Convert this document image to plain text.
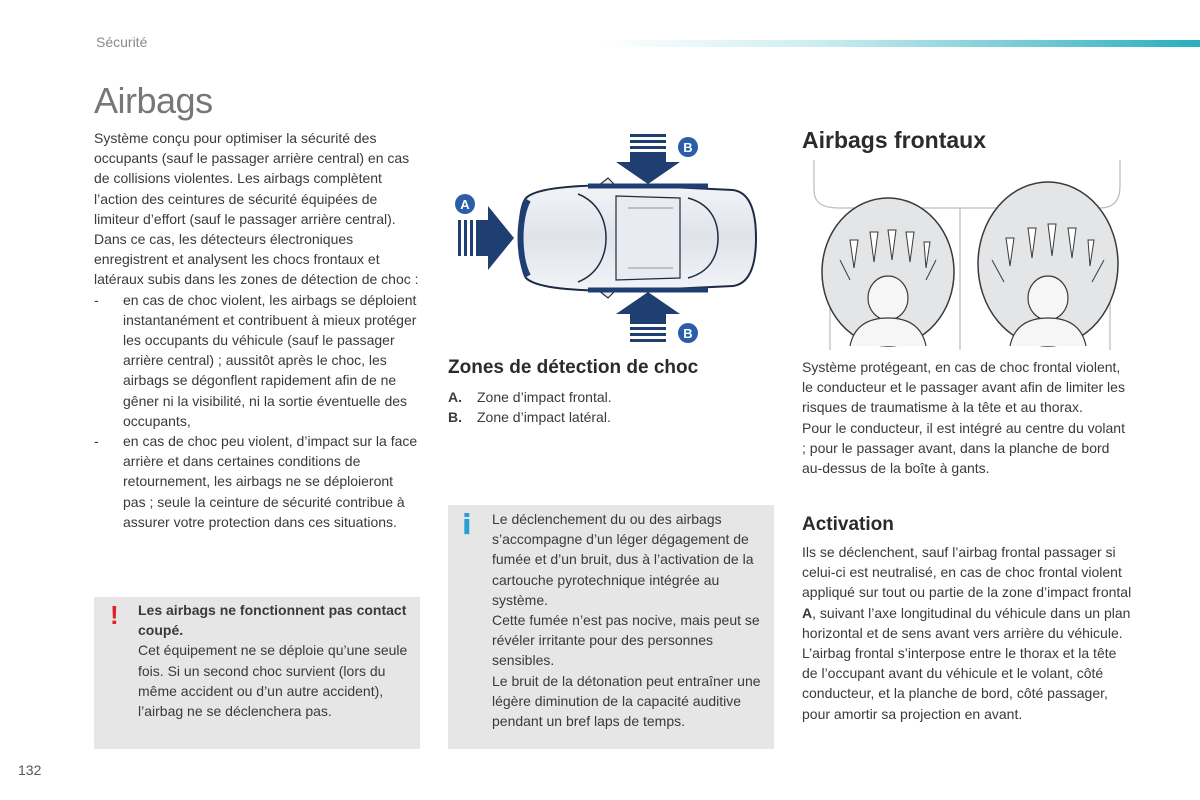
Sécurité
Airbags

Système conçu pour optimiser la sécurité des occupants (sauf le passager arrière central) en cas de collisions violentes. Les airbags complètent l’action des ceintures de sécurité équipées de limiteur d’effort (sauf le passager arrière central).

Dans ce cas, les détecteurs électroniques enregistrent et analysent les chocs frontaux et latéraux subis dans les zones de détection de choc :

- en cas de choc violent, les airbags se déploient instantanément et contribuent à mieux protéger les occupants du véhicule (sauf le passager arrière central) ; aussitôt après le choc, les airbags se dégonflent rapidement afin de ne gêner ni la visibilité, ni la sortie éventuelle des occupants,
- en cas de choc peu violent, d’impact sur la face arrière et dans certaines conditions de retournement, les airbags ne se déploieront pas ; seule la ceinture de sécurité contribue à assurer votre protection dans ces situations.
! Les airbags ne fonctionnent pas contact coupé.
Cet équipement ne se déploie qu’une seule fois. Si un second choc survient (lors du même accident ou d’un autre accident), l’airbag ne se déclenchera pas.
A
B
B
Zones de détection de choc
A.	Zone d’impact frontal.
B.	Zone d’impact latéral.
i Le déclenchement du ou des airbags s’accompagne d’un léger dégagement de fumée et d’un bruit, dus à l’activation de la cartouche pyrotechnique intégrée au système.

Cette fumée n’est pas nocive, mais peut se révéler irritante pour des personnes sensibles.

Le bruit de la détonation peut entraîner une légère diminution de la capacité auditive pendant un bref laps de temps.

Airbags frontaux

Système protégeant, en cas de choc frontal violent, le conducteur et le passager avant afin de limiter les risques de traumatisme à la tête et au thorax.

Pour le conducteur, il est intégré au centre du volant ; pour le passager avant, dans la planche de bord au-dessus de la boîte à gants.

Activation

Ils se déclenchent, sauf l’airbag frontal passager si celui-ci est neutralisé, en cas de choc frontal violent appliqué sur tout ou partie de la zone d’impact frontal A, suivant l’axe longitudinal du véhicule dans un plan horizontal et de sens avant vers arrière du véhicule.

L’airbag frontal s’interpose entre le thorax et la tête de l’occupant avant du véhicule et le volant, côté conducteur, et la planche de bord, côté passager, pour amortir sa projection en avant.

132
